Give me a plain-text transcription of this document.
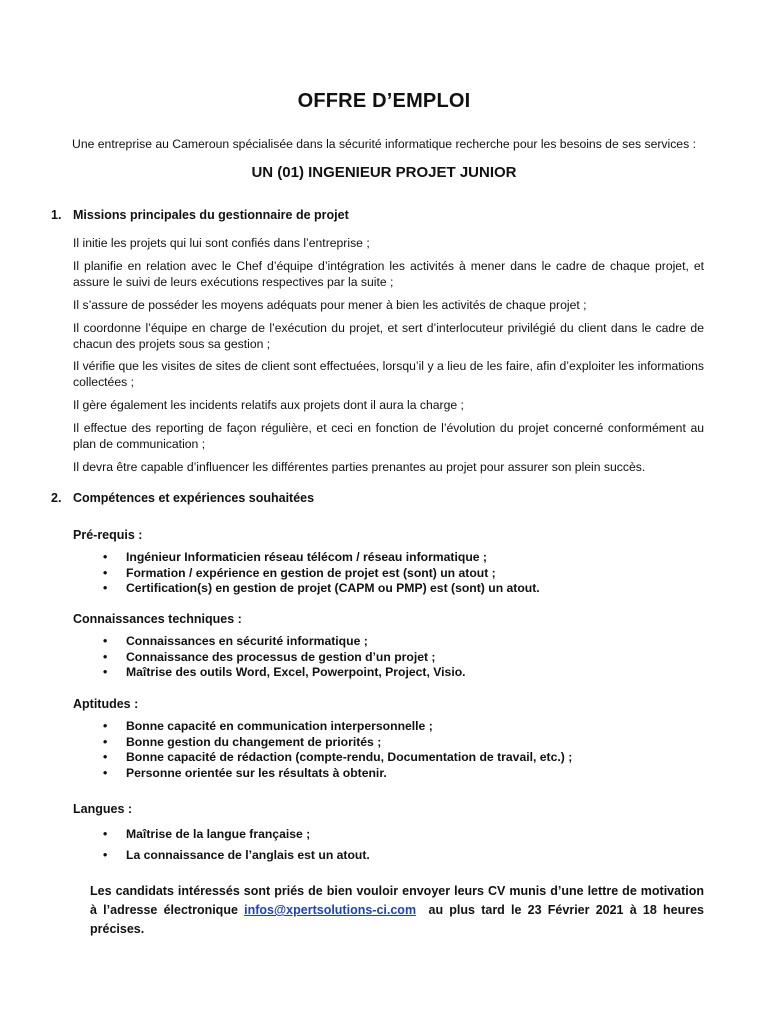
OFFRE D’EMPLOI
Une entreprise au Cameroun spécialisée dans la sécurité informatique recherche pour les besoins de ses services :
UN (01) INGENIEUR PROJET JUNIOR
1. Missions principales du gestionnaire de projet

Il initie les projets qui lui sont confiés dans l’entreprise ;

Il planifie en relation avec le Chef d’équipe d’intégration les activités à mener dans le cadre de chaque projet, et assure le suivi de leurs exécutions respectives par la suite ;

Il s’assure de posséder les moyens adéquats pour mener à bien les activités de chaque projet ;

Il coordonne l’équipe en charge de l’exécution du projet, et sert d’interlocuteur privilégié du client dans le cadre de chacun des projets sous sa gestion ;

Il vérifie que les visites de sites de client sont effectuées, lorsqu’il y a lieu de les faire, afin d’exploiter les informations collectées ;

Il gère également les incidents relatifs aux projets dont il aura la charge ;

Il effectue des reporting de façon régulière, et ceci en fonction de l’évolution du projet concerné conformément au plan de communication ;

Il devra être capable d’influencer les différentes parties prenantes au projet pour assurer son plein succès.

2. Compétences et expériences souhaitées
Pré-requis :
• Ingénieur Informaticien réseau télécom / réseau informatique ;
• Formation / expérience en gestion de projet est (sont) un atout ;
• Certification(s) en gestion de projet (CAPM ou PMP) est (sont) un atout.
Connaissances techniques :
• Connaissances en sécurité informatique ;
• Connaissance des processus de gestion d’un projet ;
• Maîtrise des outils Word, Excel, Powerpoint, Project, Visio.
Aptitudes :
• Bonne capacité en communication interpersonnelle ;
• Bonne gestion du changement de priorités ;
• Bonne capacité de rédaction (compte-rendu, Documentation de travail, etc.) ;
• Personne orientée sur les résultats à obtenir.
Langues :
• Maîtrise de la langue française ;
• La connaissance de l’anglais est un atout.

Les candidats intéressés sont priés de bien vouloir envoyer leurs CV munis d’une lettre de motivation à l’adresse électronique infos@xpertsolutions-ci.com  au plus tard le 23 Février 2021 à 18 heures précises.
